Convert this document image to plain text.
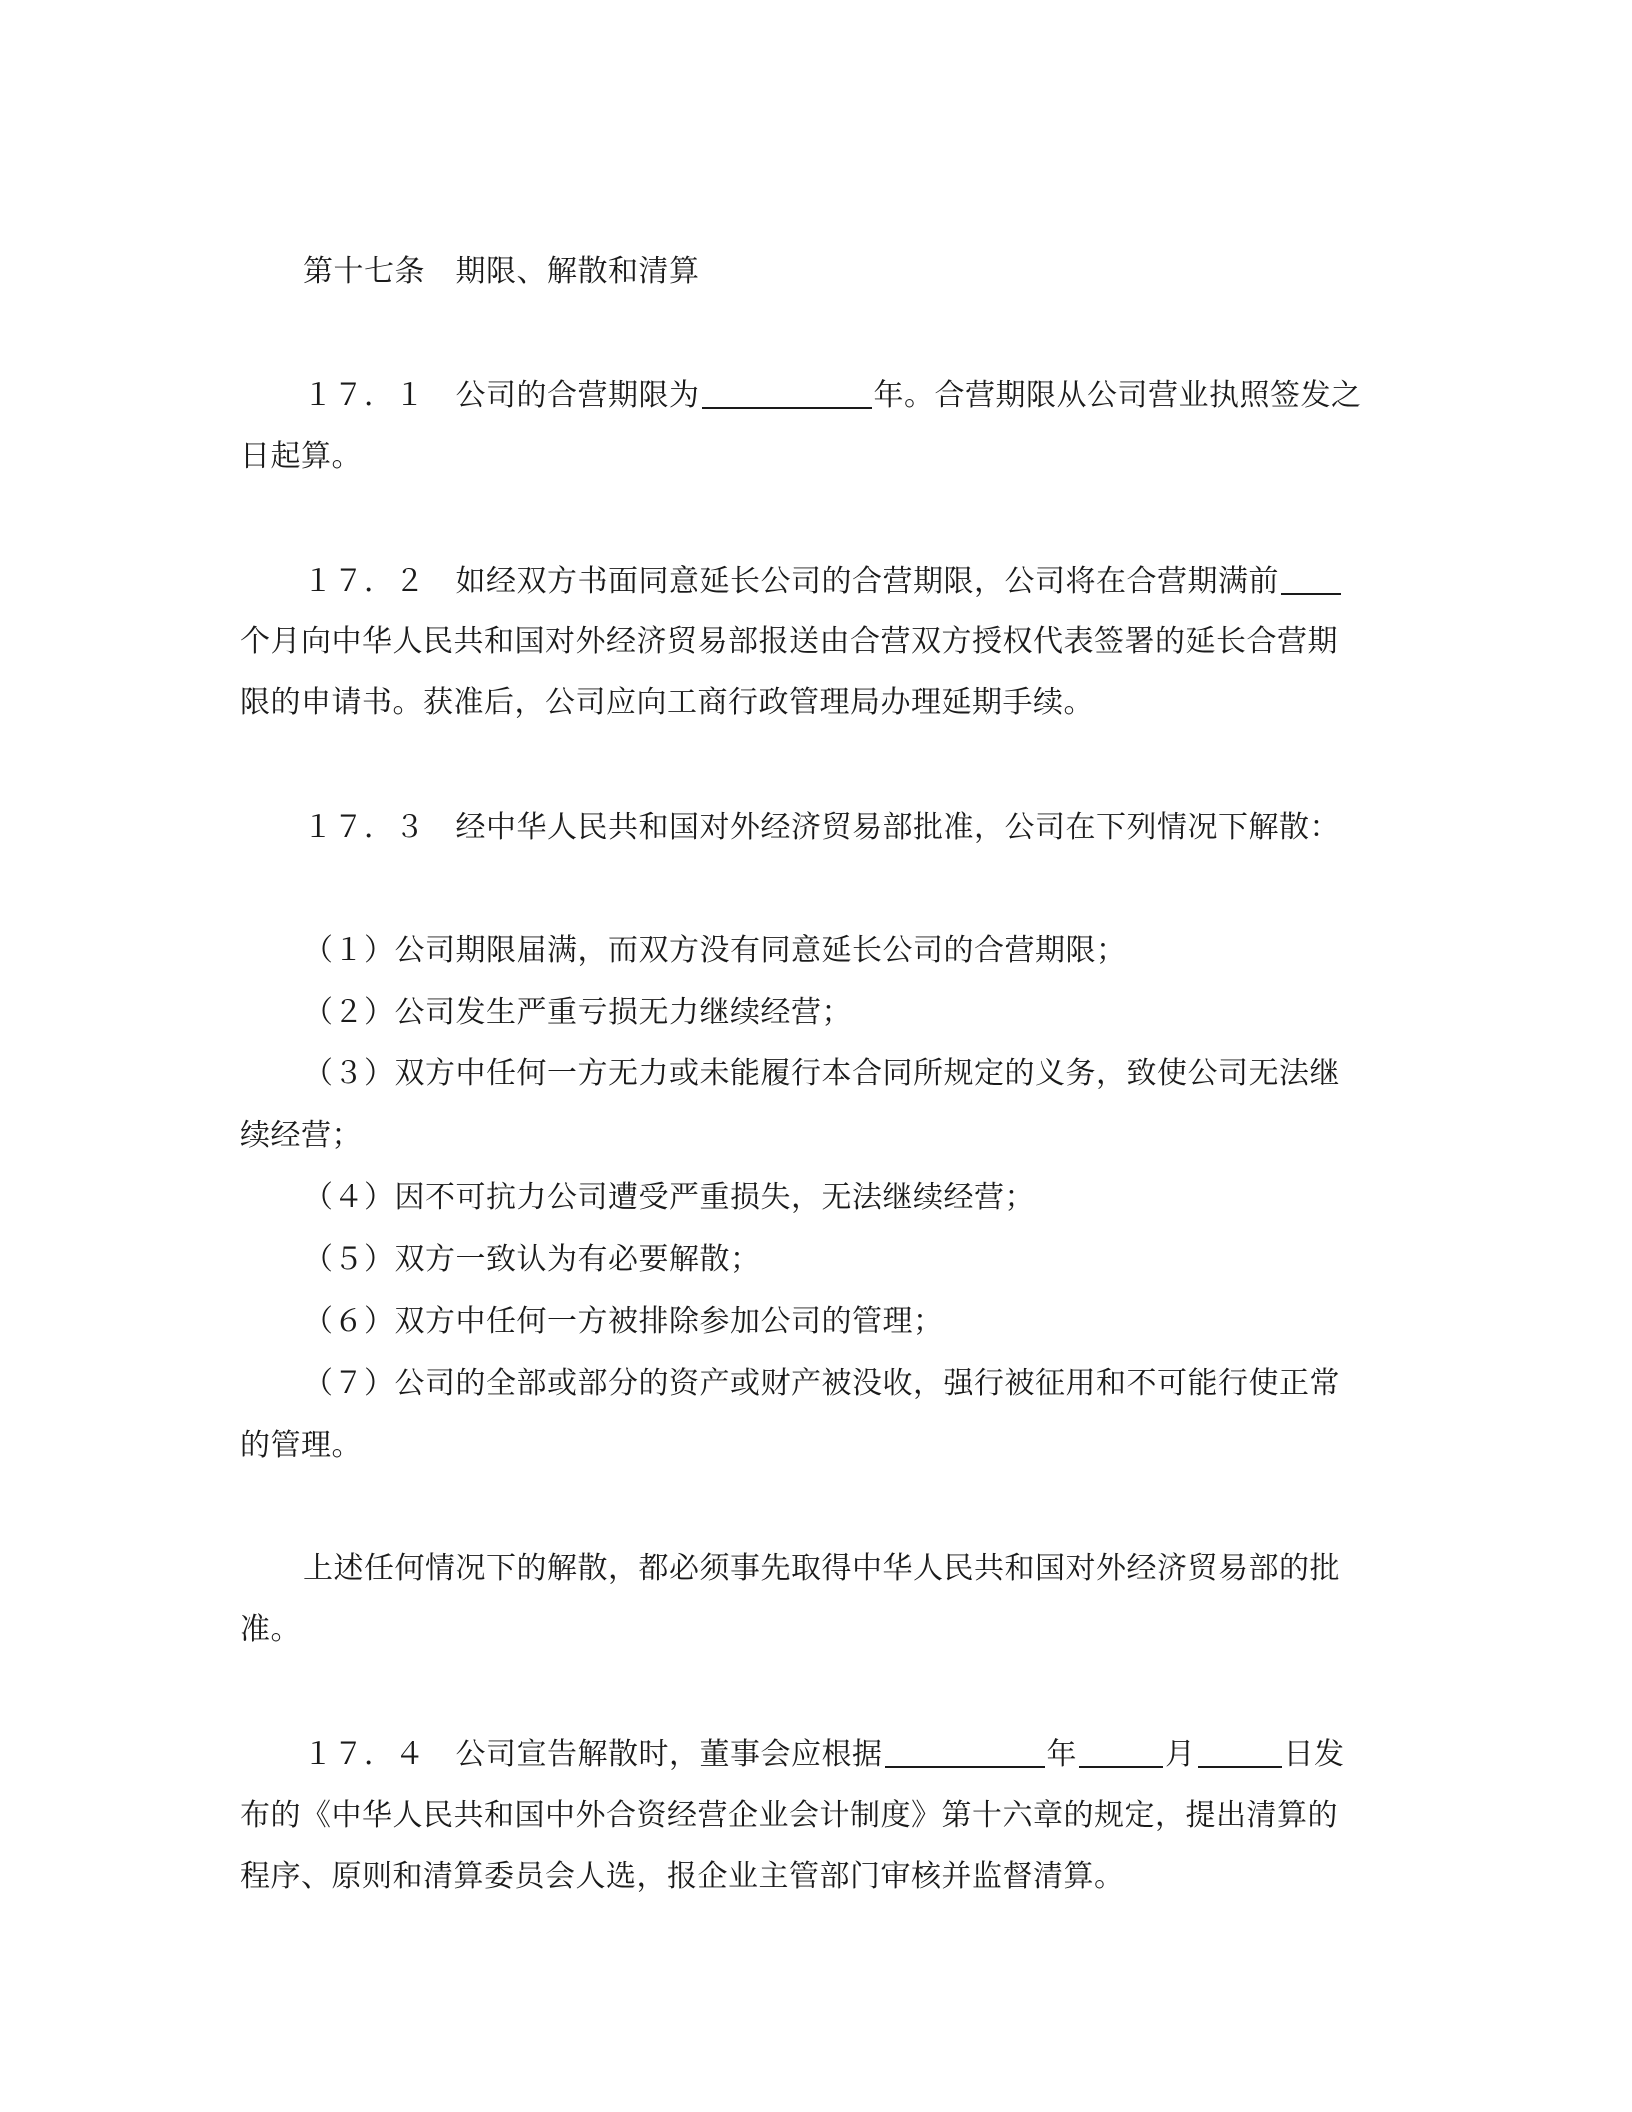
第十七条　期限、解散和清算
１７．１　公司的合营期限为	年。合营期限从公司营业执照签发之
日起算。
１７．２　如经双方书面同意延长公司的合营期限，公司将在合营期满前
个月向中华人民共和国对外经济贸易部报送由合营双方授权代表签署的延长合营期
限的申请书。获准后，公司应向工商行政管理局办理延期手续。
１７．３　经中华人民共和国对外经济贸易部批准，公司在下列情况下解散：
（１）公司期限届满，而双方没有同意延长公司的合营期限；
（２）公司发生严重亏损无力继续经营；
（３）双方中任何一方无力或未能履行本合同所规定的义务，致使公司无法继
续经营；
（４）因不可抗力公司遭受严重损失，无法继续经营；
（５）双方一致认为有必要解散；
（６）双方中任何一方被排除参加公司的管理；
（７）公司的全部或部分的资产或财产被没收，强行被征用和不可能行使正常
的管理。
上述任何情况下的解散，都必须事先取得中华人民共和国对外经济贸易部的批
准。
１７．４　公司宣告解散时，董事会应根据	年	月	日发
布的《中华人民共和国中外合资经营企业会计制度》第十六章的规定，提出清算的
程序、原则和清算委员会人选，报企业主管部门审核并监督清算。
